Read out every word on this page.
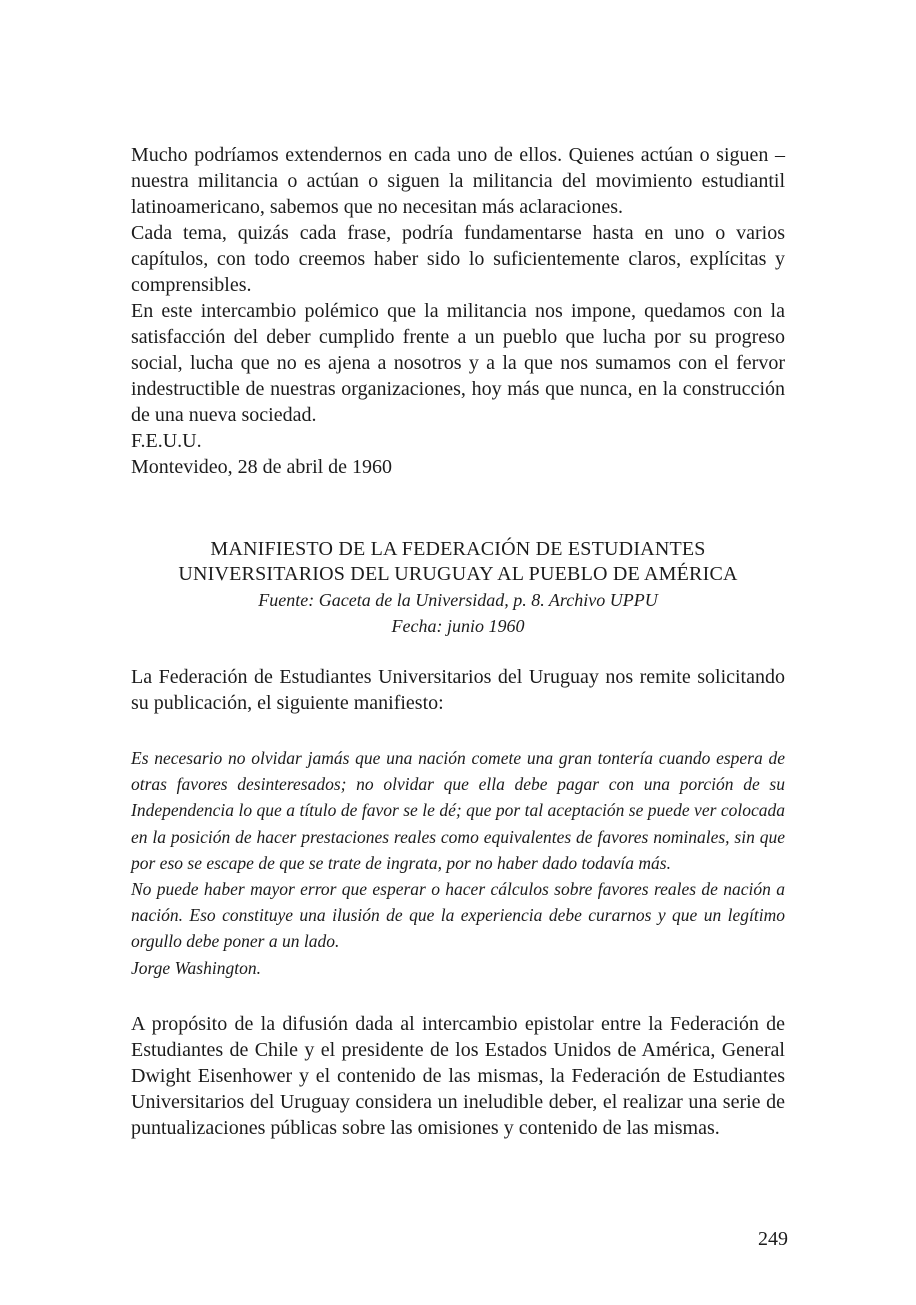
Mucho podríamos extendernos en cada uno de ellos. Quienes actúan o siguen –nuestra militancia o actúan o siguen la militancia del movimiento estudiantil latinoamericano, sabemos que no necesitan más aclaraciones.

Cada tema, quizás cada frase, podría fundamentarse hasta en uno o varios capítulos, con todo creemos haber sido lo suficientemente claros, explícitas y comprensibles.

En este intercambio polémico que la militancia nos impone, quedamos con la satisfacción del deber cumplido frente a un pueblo que lucha por su progreso social, lucha que no es ajena a nosotros y a la que nos sumamos con el fervor indestructible de nuestras organizaciones, hoy más que nunca, en la construcción de una nueva sociedad.

F.E.U.U.

Montevideo, 28 de abril de 1960

MANIFIESTO DE LA FEDERACIÓN DE ESTUDIANTES

UNIVERSITARIOS DEL URUGUAY AL PUEBLO DE AMÉRICA

Fuente: Gaceta de la Universidad, p. 8. Archivo UPPU

Fecha: junio 1960

La Federación de Estudiantes Universitarios del Uruguay nos remite solicitando su publicación, el siguiente manifiesto:

Es necesario no olvidar jamás que una nación comete una gran tontería cuando espera de otras favores desinteresados; no olvidar que ella debe pagar con una porción de su Independencia lo que a título de favor se le dé; que por tal aceptación se puede ver colocada en la posición de hacer prestaciones reales como equivalentes de favores nominales, sin que por eso se escape de que se trate de ingrata, por no haber dado todavía más.

No puede haber mayor error que esperar o hacer cálculos sobre favores reales de nación a nación. Eso constituye una ilusión de que la experiencia debe curarnos y que un legítimo orgullo debe poner a un lado.

Jorge Washington.

A propósito de la difusión dada al intercambio epistolar entre la Federación de Estudiantes de Chile y el presidente de los Estados Unidos de América, General Dwight Eisenhower y el contenido de las mismas, la Federación de Estudiantes Universitarios del Uruguay considera un ineludible deber, el realizar una serie de puntualizaciones públicas sobre las omisiones y contenido de las mismas.

249
